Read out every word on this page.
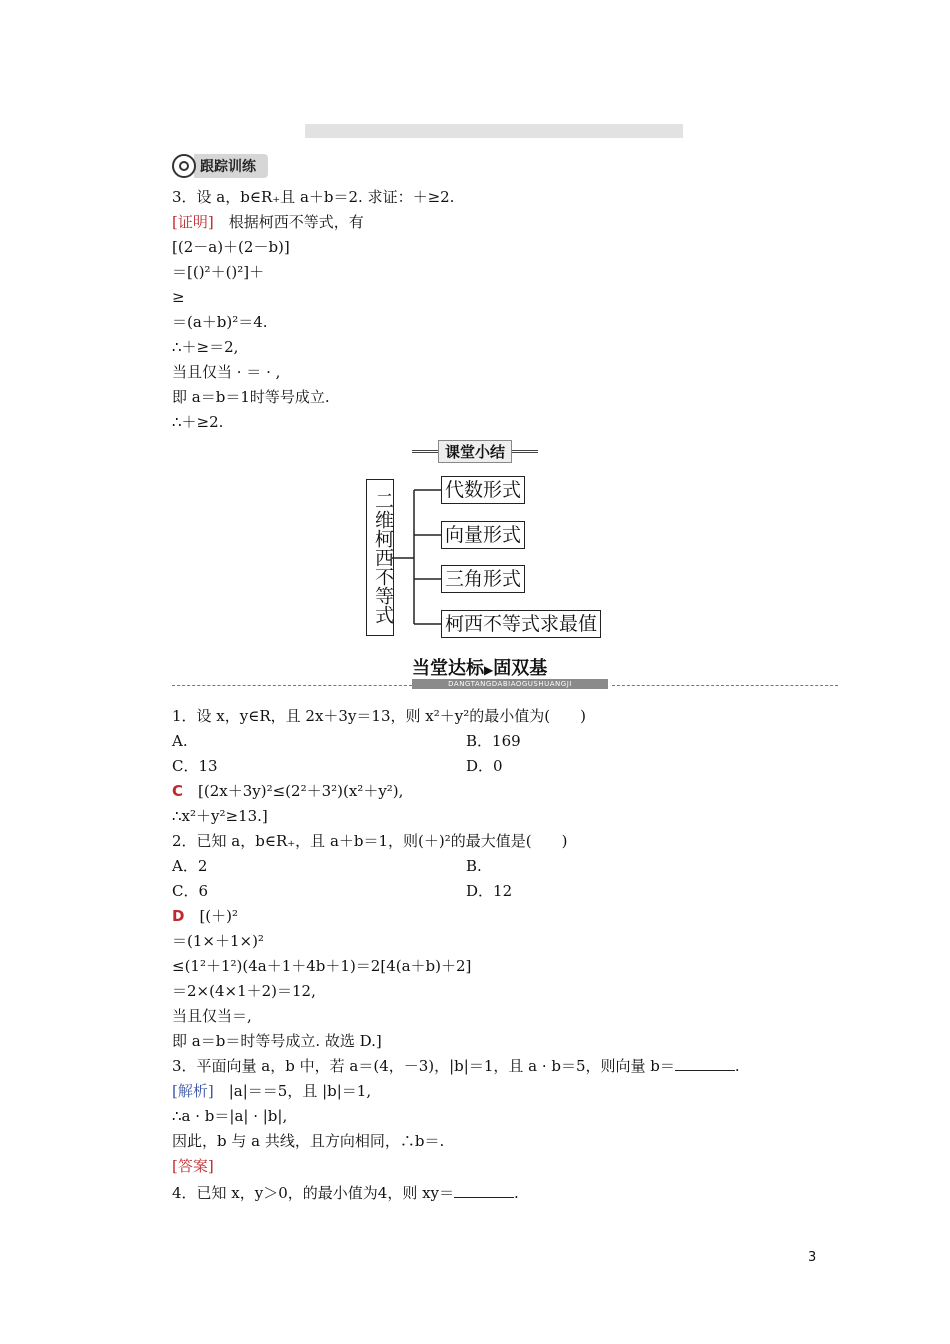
跟踪训练
3．设 a，b∈R₊且 a＋b＝2. 求证：＋≥2.
[证明]　根据柯西不等式，有
[(2－a)＋(2－b)]
＝[()²＋()²]＋
≥
＝(a＋b)²＝4.
∴＋≥＝2,
当且仅当 · ＝ · ,
即 a＝b＝1时等号成立.
∴＋≥2.
课堂小结
二维柯西不等式
代数形式
向量形式
三角形式
柯西不等式求最值
当堂达标▶固双基
DANGTANGDABIAOGUSHUANGJI
1．设 x，y∈R，且 2x＋3y＝13，则 x²＋y²的最小值为(　　)
A.	B．169
C．13	D．0
C　[(2x＋3y)²≤(2²＋3²)(x²＋y²),
∴x²＋y²≥13.]
2．已知 a，b∈R₊，且 a＋b＝1，则(＋)²的最大值是(　　)
A．2	B.
C．6	D．12
D　[(＋)²
＝(1×＋1×)²
≤(1²＋1²)(4a＋1＋4b＋1)＝2[4(a＋b)＋2]
＝2×(4×1＋2)＝12,
当且仅当＝,
即 a＝b＝时等号成立. 故选 D.]
3．平面向量 a，b 中，若 a＝(4，－3)，|b|＝1，且 a · b＝5，则向量 b＝	.
[解析]　|a|＝＝5，且 |b|＝1,
∴a · b＝|a| · |b|,
因此，b 与 a 共线，且方向相同，∴b＝.
[答案]
4．已知 x，y＞0，的最小值为4，则 xy＝	.
3
